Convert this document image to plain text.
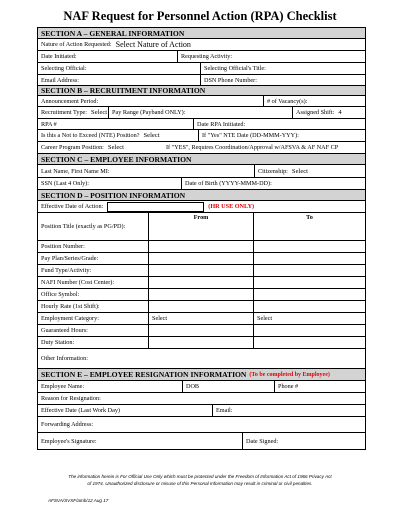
NAF Request for Personnel Action (RPA) Checklist
SECTION A – GENERAL INFORMATION
Nature of Action Requested: Select Nature of Action
Date Initiated:	Requesting Activity:
Selecting Official:	Selecting Official's Title:
Email Address:	DSN Phone Number:
SECTION B – RECRUITMENT INFORMATION
Announcement Period:	# of Vacancy(s):
Recruitment Type: Select Pay Range (Payband ONLY):	Assigned Shift: 4
RPA #	Date RPA Initiated:
Is this a Not to Exceed (NTE) Position? Select	If "Yes" NTE Date (DD-MMM-YYY):
Career Program Position: Select	If "YES", Requires Coordination/Approval w/AFSVA & AF NAF CP
SECTION C – EMPLOYEE INFORMATION
Last Name, First Name MI:	Citizenship: Select
SSN (Last 4 Only):	Date of Birth (YYYY-MMM-DD):
SECTION D – POSITION INFORMATION
Effective Date of Action:	(HR USE ONLY)
Position Title (exactly as PG/PD):
From	To
Position Number:
Pay Plan/Series/Grade:
Fund Type/Activity:
NAFI Number (Cost Center):
Office Symbol:
Hourly Rate (1st Shift):
Employment Category:	Select	Select
Guaranteed Hours:
Duty Station:
Other Information:
SECTION E – EMPLOYEE RESIGNATION INFORMATION (To be completed by Employee)
Employee Name:	DOB	Phone #
Reason for Resignation:
Effective Date (Last Work Day)	Email:
Forwarding Address:
Employee's Signature:	Date Signed:
The information herein is For Official Use Only which must be protected under the Freedom of Information Act of 1966 Privacy Act
of 1974. Unauthorized disclosure or misuse of this Personal Information may result in criminal or civil penalties.
AFSVA/SVXF/amb/12 Aug 17
